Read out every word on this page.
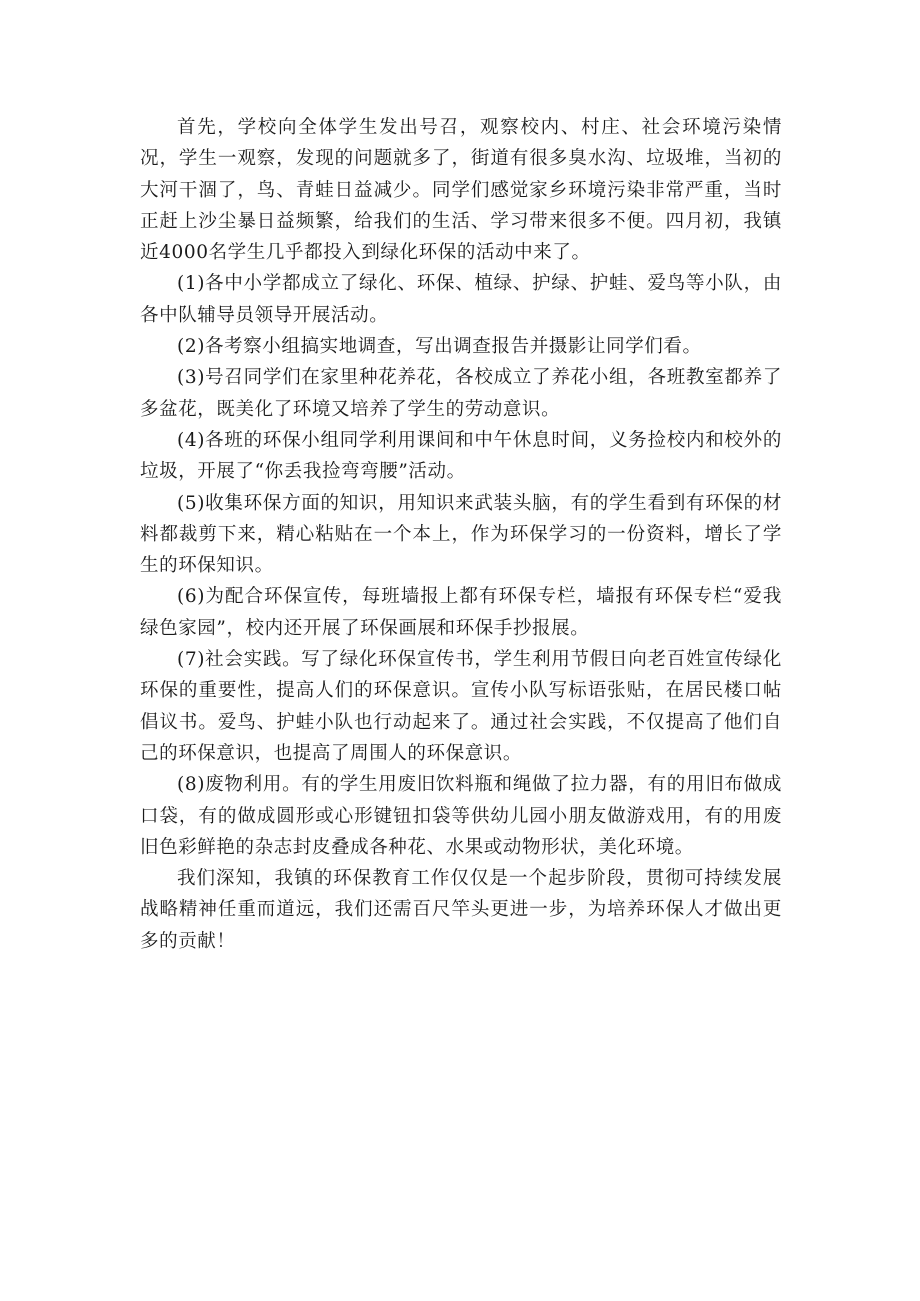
首先，学校向全体学生发出号召，观察校内、村庄、社会环境污染情况，学生一观察，发现的问题就多了，街道有很多臭水沟、垃圾堆，当初的大河干涸了，鸟、青蛙日益减少。同学们感觉家乡环境污染非常严重，当时正赶上沙尘暴日益频繁，给我们的生活、学习带来很多不便。四月初，我镇近4000名学生几乎都投入到绿化环保的活动中来了。

(1)各中小学都成立了绿化、环保、植绿、护绿、护蛙、爱鸟等小队，由各中队辅导员领导开展活动。

(2)各考察小组搞实地调查，写出调查报告并摄影让同学们看。

(3)号召同学们在家里种花养花，各校成立了养花小组，各班教室都养了多盆花，既美化了环境又培养了学生的劳动意识。

(4)各班的环保小组同学利用课间和中午休息时间，义务捡校内和校外的垃圾，开展了“你丢我捡弯弯腰”活动。

(5)收集环保方面的知识，用知识来武装头脑，有的学生看到有环保的材料都裁剪下来，精心粘贴在一个本上，作为环保学习的一份资料，增长了学生的环保知识。

(6)为配合环保宣传，每班墙报上都有环保专栏，墙报有环保专栏“爱我绿色家园”，校内还开展了环保画展和环保手抄报展。

(7)社会实践。写了绿化环保宣传书，学生利用节假日向老百姓宣传绿化环保的重要性，提高人们的环保意识。宣传小队写标语张贴，在居民楼口帖倡议书。爱鸟、护蛙小队也行动起来了。通过社会实践，不仅提高了他们自己的环保意识，也提高了周围人的环保意识。

(8)废物利用。有的学生用废旧饮料瓶和绳做了拉力器，有的用旧布做成口袋，有的做成圆形或心形键钮扣袋等供幼儿园小朋友做游戏用，有的用废旧色彩鲜艳的杂志封皮叠成各种花、水果或动物形状，美化环境。

我们深知，我镇的环保教育工作仅仅是一个起步阶段，贯彻可持续发展战略精神任重而道远，我们还需百尺竿头更进一步，为培养环保人才做出更多的贡献！
